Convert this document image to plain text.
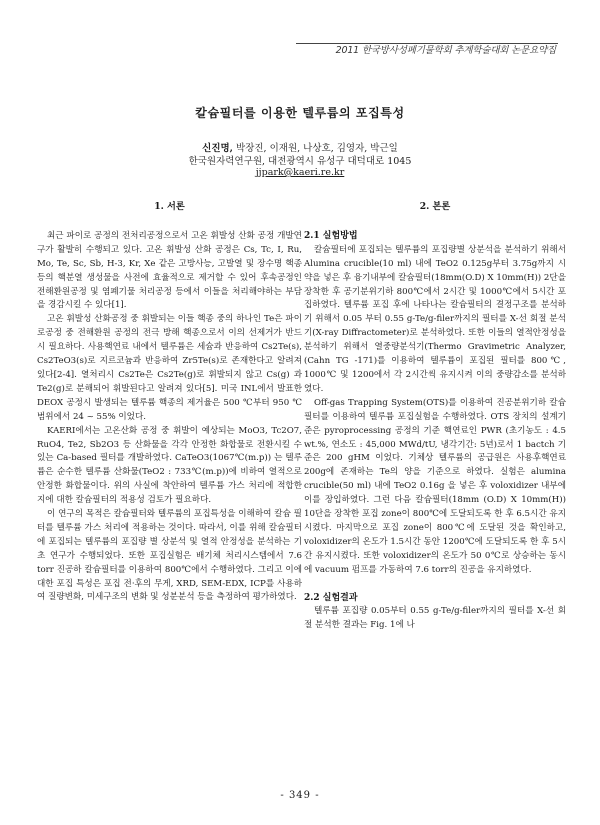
2011 한국방사성폐기물학회 추계학술대회 논문요약집
칼슘필터를 이용한 텔루륨의 포집특성
신진명, 박장진, 이재원, 나상호, 김영자, 박근일
한국원자력연구원, 대전광역시 유성구 대덕대로 1045
jjpark@kaeri.re.kr
1. 서론

최근 파이로 공정의 전처리공정으로서 고온 휘발성 산화 공정 개발연구가 활발히 수행되고 있다. 고온 휘발성 산화 공정은 Cs, Tc, I, Ru, Mo, Te, Sc, Sb, H-3, Kr, Xe 같은 고방사능, 고발열 및 장수명 핵종 등의 핵분열 생성물을 사전에 효율적으로 제거할 수 있어 후속공정인 전해환원공정 및 염폐기물 처리공정 등에서 이들을 처리해야하는 부담을 경감시킬 수 있다[1].

고온 휘발성 산화공정 중 휘발되는 이들 핵종 중의 하나인 Te은 파이로공정 중 전해환원 공정의 전극 방해 핵종으로서 이의 선제거가 반드시 필요하다. 사용핵연료 내에서 텔루륨은 세슘과 반응하여 Cs2Te(s), Cs2TeO3(s)로 지르코늄과 반응하여 Zr5Te(s)로 존재한다고 알려져 있다[2-4]. 열처리시 Cs2Te은 Cs2Te(g)로 휘발되지 않고 Cs(g) 과 Te2(g)로 분해되어 휘발된다고 알려져 있다[5]. 미국 INL에서 발표한 DEOX 공정시 발생되는 텔루륨 핵종의 제거율은 500 ℃부터 950 ℃ 범위에서 24 ~ 55% 이었다.

KAERI에서는 고온산화 공정 중 휘발이 예상되는 MoO3, Tc2O7, RuO4, Te2, Sb2O3 등 산화물을 각각 안정한 화합물로 전환시킬 수 있는 Ca-based 필터를 개발하였다. CaTeO3(1067℃(m.p)) 는 텔루륨은 순수한 텔루륨 산화물(TeO2 : 733℃(m.p))에 비하여 열적으로 안정한 화합물이다. 위의 사실에 착안하여 텔루륨 가스 처리에 적합한 지에 대한 칼슘필터의 적용성 검토가 필요하다.

이 연구의 목적은 칼슘필터와 텔루륨의 포집특성을 이해하여 칼슘 필터를 텔루륨 가스 처리에 적용하는 것이다. 따라서, 이를 위해 칼슘필터에 포집되는 텔루륨의 포집량 별 상분석 및 열적 안정성을 분석하는 기초 연구가 수행되었다. 또한 포집실험은 배기체 처리시스템에서 7.6 torr 진공하 칼슘필터를 이용하여 800℃에서 수행하였다. 그리고 이에 대한 포집 특성은 포집 전·후의 무게, XRD, SEM-EDX, ICP를 사용하여 질량변화, 미세구조의 변화 및 성분분석 등을 측정하여 평가하였다.

2. 본론
2.1 실험방법

칼슘필터에 포집되는 텔루륨의 포집량별 상분석을 분석하기 위해서 Alumina crucible(10 ml) 내에 TeO2 0.125g부터 3.75g까지 시약을 넣은 후 융기내부에 칼슘필터(18mm(O.D) X 10mm(H)) 2단을 장착한 후 공기분위기하 800℃에서 2시간 및 1000℃에서 5시간 포집하였다. 텔루륨 포집 후에 나타나는 칼슘필터의 결정구조를 분석하기 위해서 0.05 부터 0.55 g-Te/g-filer까지의 필터를 X-선 회절 분석기(X-ray Diffractometer)로 분석하였다. 또한 이들의 열적안정성을 분석하기 위해서 열중량분석기(Thermo Gravimetric Analyzer, (Cahn TG -171)를 이용하여 텔루륨이 포집된 필터를 800℃, 1000℃ 및 1200에서 각 2시간씩 유지시켜 이의 중량감소를 분석하였다.

Off-gas Trapping System(OTS)를 이용하여 진공분위기하 칼슘필터를 이용하여 텔루륨 포집실험을 수행하였다. OTS 장치의 설계기준은 pyroprocessing 공정의 기준 핵연료인 PWR (초기농도 : 4.5 wt.%, 연소도 : 45,000 MWd/tU, 냉각기간: 5년)로서 1 bactch 기준은 200 gHM 이었다. 기체상 텔루륨의 공급원은 사용후핵연료 200g에 존재하는 Te의 양을 기준으로 하였다. 실험은 alumina crucible(50 ml) 내에 TeO2 0.16g 을 넣은 후 voloxidizer 내부에 이를 장입하였다. 그런 다음 칼슘필터(18mm (O.D) X 10mm(H)) 10단을 장착한 포집 zone이 800℃에 도달되도록 한 후 6.5시간 유지시켰다. 마지막으로 포집 zone이 800℃에 도달된 것을 확인하고, voloxidizer의 온도가 1.5시간 동안 1200℃에 도달되도록 한 후 5시간 유지시켰다. 또한 voloxidizer의 온도가 50 0℃로 상승하는 동시에 vacuum 펌프를 가동하여 7.6 torr의 진공을 유지하였다.

2.2 실험결과

텔루륨 포집량 0.05부터 0.55 g-Te/g-filer까지의 필터를 X-선 회절 분석한 결과는 Fig. 1에 나

- 349 -
